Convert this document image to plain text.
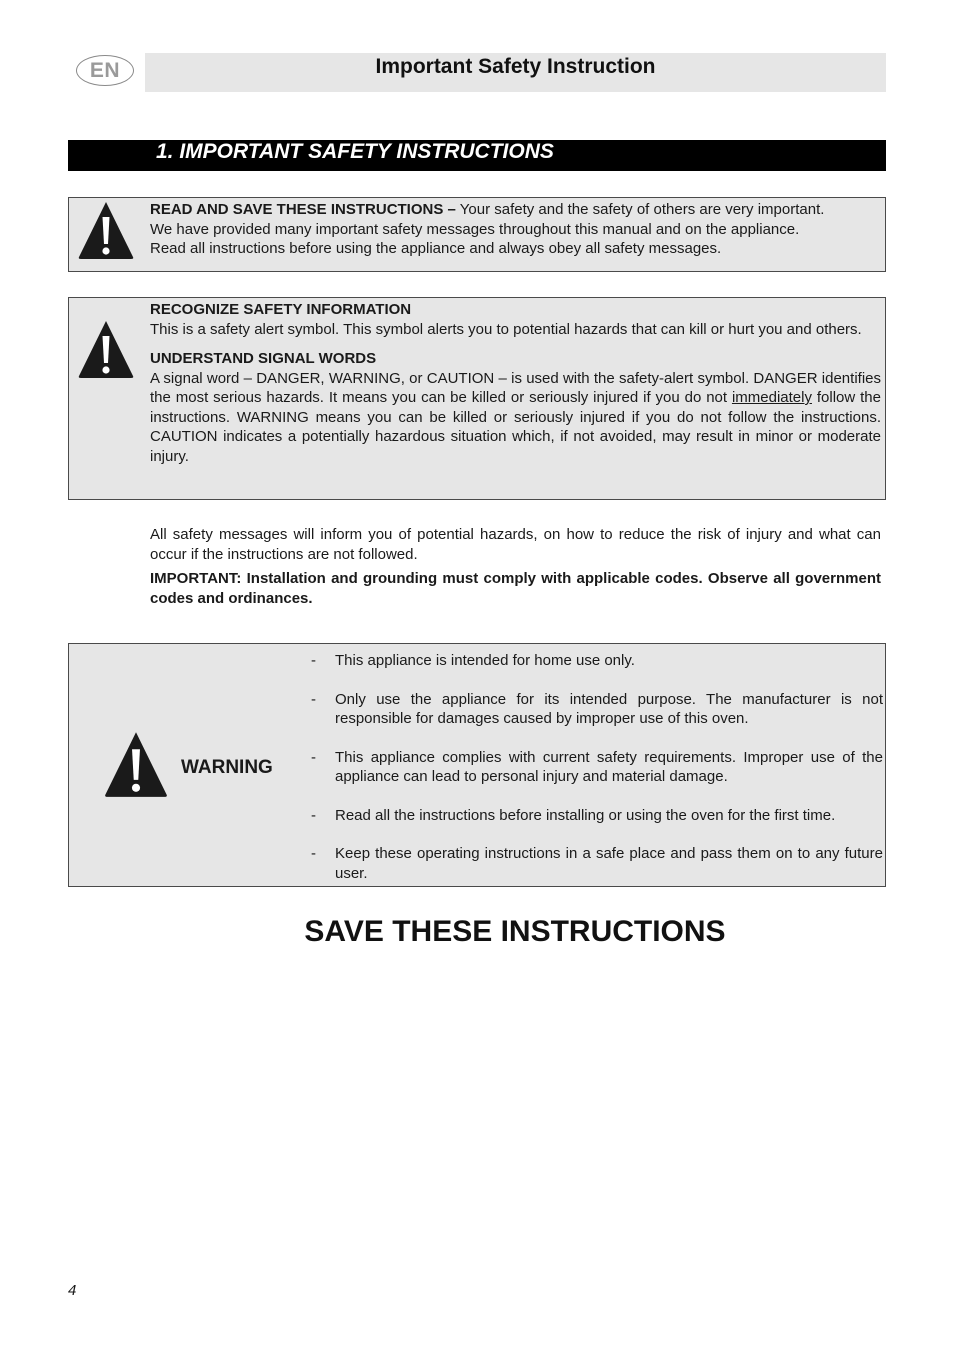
EN	Important Safety Instruction
1. IMPORTANT SAFETY INSTRUCTIONS
READ AND SAVE THESE INSTRUCTIONS – Your safety and the safety of others are very important.
We have provided many important safety messages throughout this manual and on the appliance.
Read all instructions before using the appliance and always obey all safety messages.
RECOGNIZE SAFETY INFORMATION
This is a safety alert symbol. This symbol alerts you to potential hazards that can kill or hurt you and others.
UNDERSTAND SIGNAL WORDS
A signal word – DANGER, WARNING, or CAUTION – is used with the safety-alert symbol. DANGER identifies the most serious hazards. It means you can be killed or seriously injured if you do not immediately follow the instructions. WARNING means you can be killed or seriously injured if you do not follow the instructions. CAUTION indicates a potentially hazardous situation which, if not avoided, may result in minor or moderate injury.
All safety messages will inform you of potential hazards, on how to reduce the risk of injury and what can occur if the instructions are not followed.
IMPORTANT: Installation and grounding must comply with applicable codes. Observe all government codes and ordinances.
WARNING
- This appliance is intended for home use only.
- Only use the appliance for its intended purpose. The manufacturer is not responsible for damages caused by improper use of this oven.
- This appliance complies with current safety requirements. Improper use of the appliance can lead to personal injury and material damage.
- Read all the instructions before installing or using the oven for the first time.
- Keep these operating instructions in a safe place and pass them on to any future user.
SAVE THESE INSTRUCTIONS
4
